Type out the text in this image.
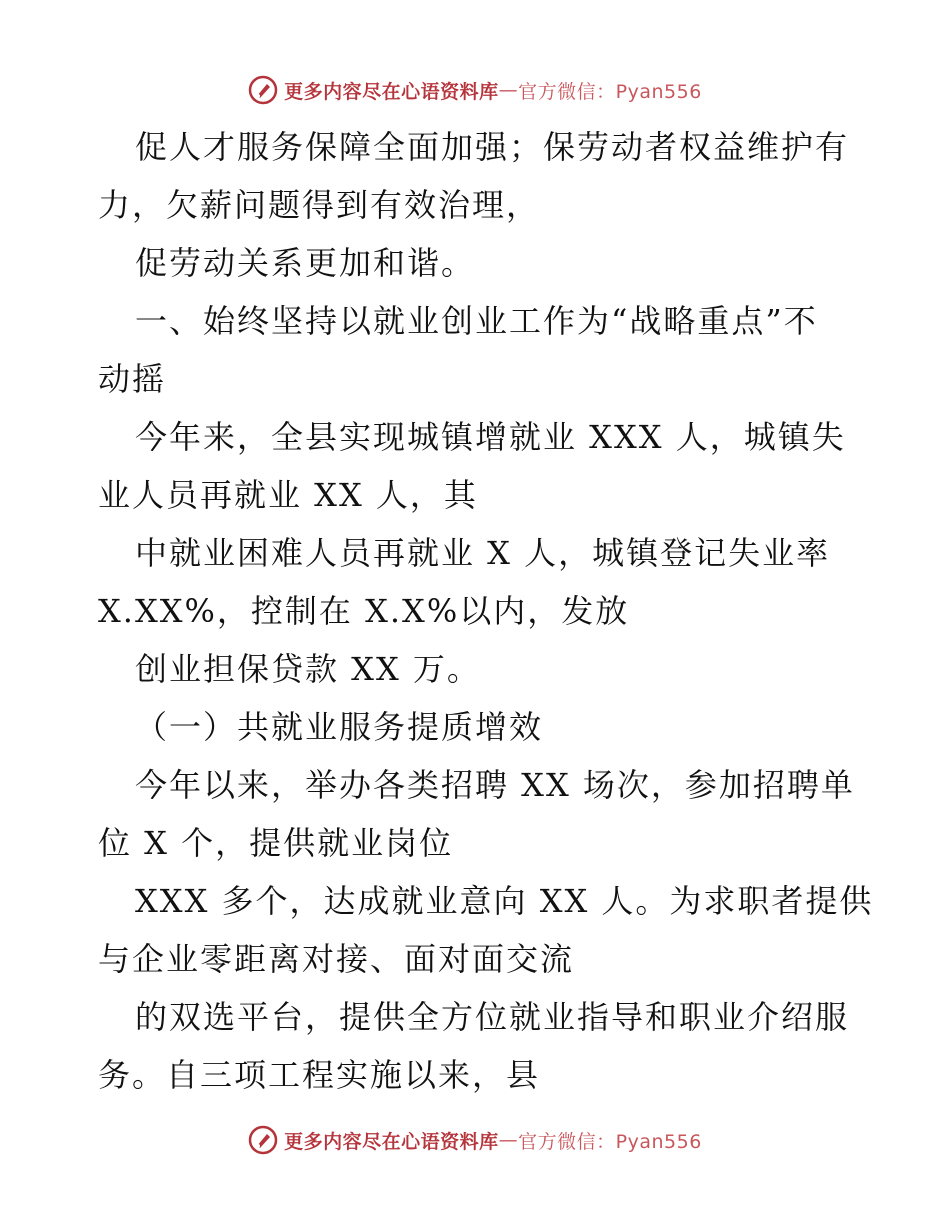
更多内容尽在心语资料库 — 官方微信：Pyan556
促人才服务保障全面加强；保劳动者权益维护有
力，欠薪问题得到有效治理，
促劳动关系更加和谐。
一、始终坚持以就业创业工作为“战略重点”不
动摇
今年来，全县实现城镇增就业 XXX 人，城镇失
业人员再就业 XX 人，其
中就业困难人员再就业 X 人，城镇登记失业率
X.XX%，控制在 X.X%以内，发放
创业担保贷款 XX 万。
（一）共就业服务提质增效
今年以来，举办各类招聘 XX 场次，参加招聘单
位 X 个，提供就业岗位
XXX 多个，达成就业意向 XX 人。为求职者提供
与企业零距离对接、面对面交流
的双选平台，提供全方位就业指导和职业介绍服
务。自三项工程实施以来，县
更多内容尽在心语资料库 — 官方微信：Pyan556
